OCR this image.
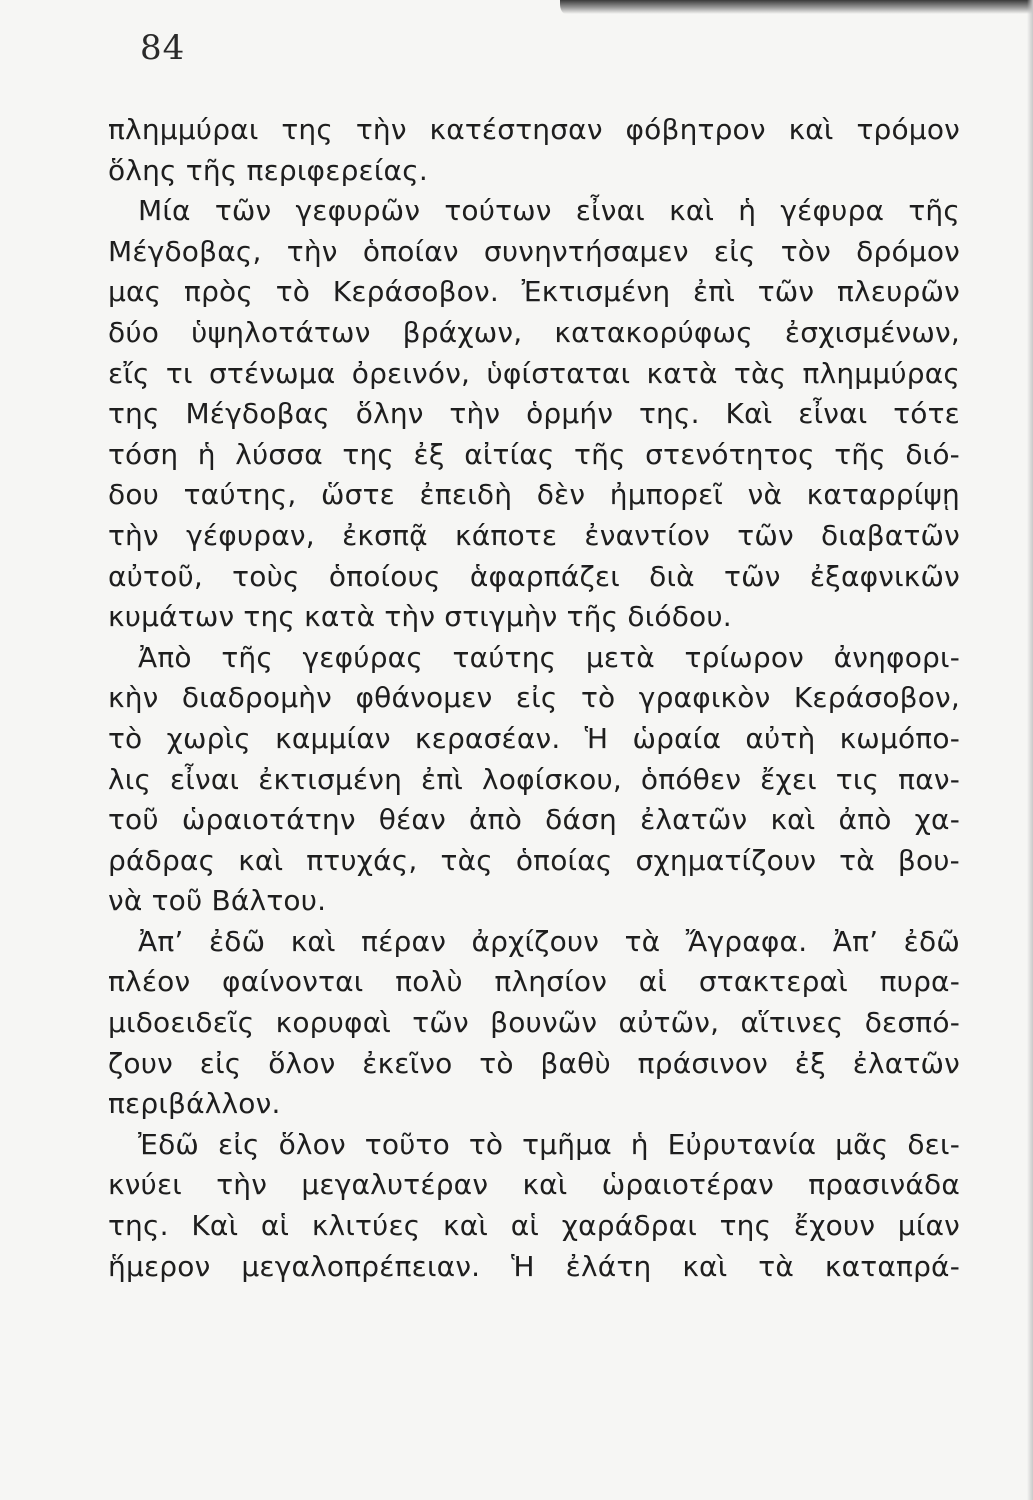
84
πλημμύραι της τὴν κατέστησαν φόβητρον καὶ τρόμον
ὅλης τῆς περιφερείας.
Μία τῶν γεφυρῶν τούτων εἶναι καὶ ἡ γέφυρα τῆς
Μέγδοβας, τὴν ὁποίαν συνηντήσαμεν εἰς τὸν δρόμον
μας πρὸς τὸ Κεράσοβον. Ἐκτισμένη ἐπὶ τῶν πλευρῶν
δύο ὑψηλοτάτων βράχων, κατακορύφως ἐσχισμένων,
εἴς τι στένωμα ὀρεινόν, ὑφίσταται κατὰ τὰς πλημμύρας
της Μέγδοβας ὅλην τὴν ὁρμήν της. Καὶ εἶναι τότε
τόση ἡ λύσσα της ἐξ αἰτίας τῆς στενότητος τῆς διό-
δου ταύτης, ὥστε ἐπειδὴ δὲν ἠμπορεῖ νὰ καταρρίψῃ
τὴν γέφυραν, ἐκσπᾷ κάποτε ἐναντίον τῶν διαβατῶν
αὐτοῦ, τοὺς ὁποίους ἁφαρπάζει διὰ τῶν ἐξαφνικῶν
κυμάτων της κατὰ τὴν στιγμὴν τῆς διόδου.
Ἀπὸ τῆς γεφύρας ταύτης μετὰ τρίωρον ἀνηφορι-
κὴν διαδρομὴν φθάνομεν εἰς τὸ γραφικὸν Κεράσοβον,
τὸ χωρὶς καμμίαν κερασέαν. Ἡ ὡραία αὐτὴ κωμόπο-
λις εἶναι ἐκτισμένη ἐπὶ λοφίσκου, ὁπόθεν ἔχει τις παν-
τοῦ ὡραιοτάτην θέαν ἀπὸ δάση ἐλατῶν καὶ ἀπὸ χα-
ράδρας καὶ πτυχάς, τὰς ὁποίας σχηματίζουν τὰ βου-
νὰ τοῦ Βάλτου.
Ἀπ’ ἐδῶ καὶ πέραν ἀρχίζουν τὰ Ἄγραφα. Ἀπ’ ἐδῶ
πλέον φαίνονται πολὺ πλησίον αἱ στακτεραὶ πυρα-
μιδοειδεῖς κορυφαὶ τῶν βουνῶν αὐτῶν, αἵτινες δεσπό-
ζουν εἰς ὅλον ἐκεῖνο τὸ βαθὺ πράσινον ἐξ ἐλατῶν
περιβάλλον.
Ἐδῶ εἰς ὅλον τοῦτο τὸ τμῆμα ἡ Εὐρυτανία μᾶς δει-
κνύει τὴν μεγαλυτέραν καὶ ὡραιοτέραν πρασινάδα
της. Καὶ αἱ κλιτύες καὶ αἱ χαράδραι της ἔχουν μίαν
ἥμερον μεγαλοπρέπειαν. Ἡ ἐλάτη καὶ τὰ καταπρά-
